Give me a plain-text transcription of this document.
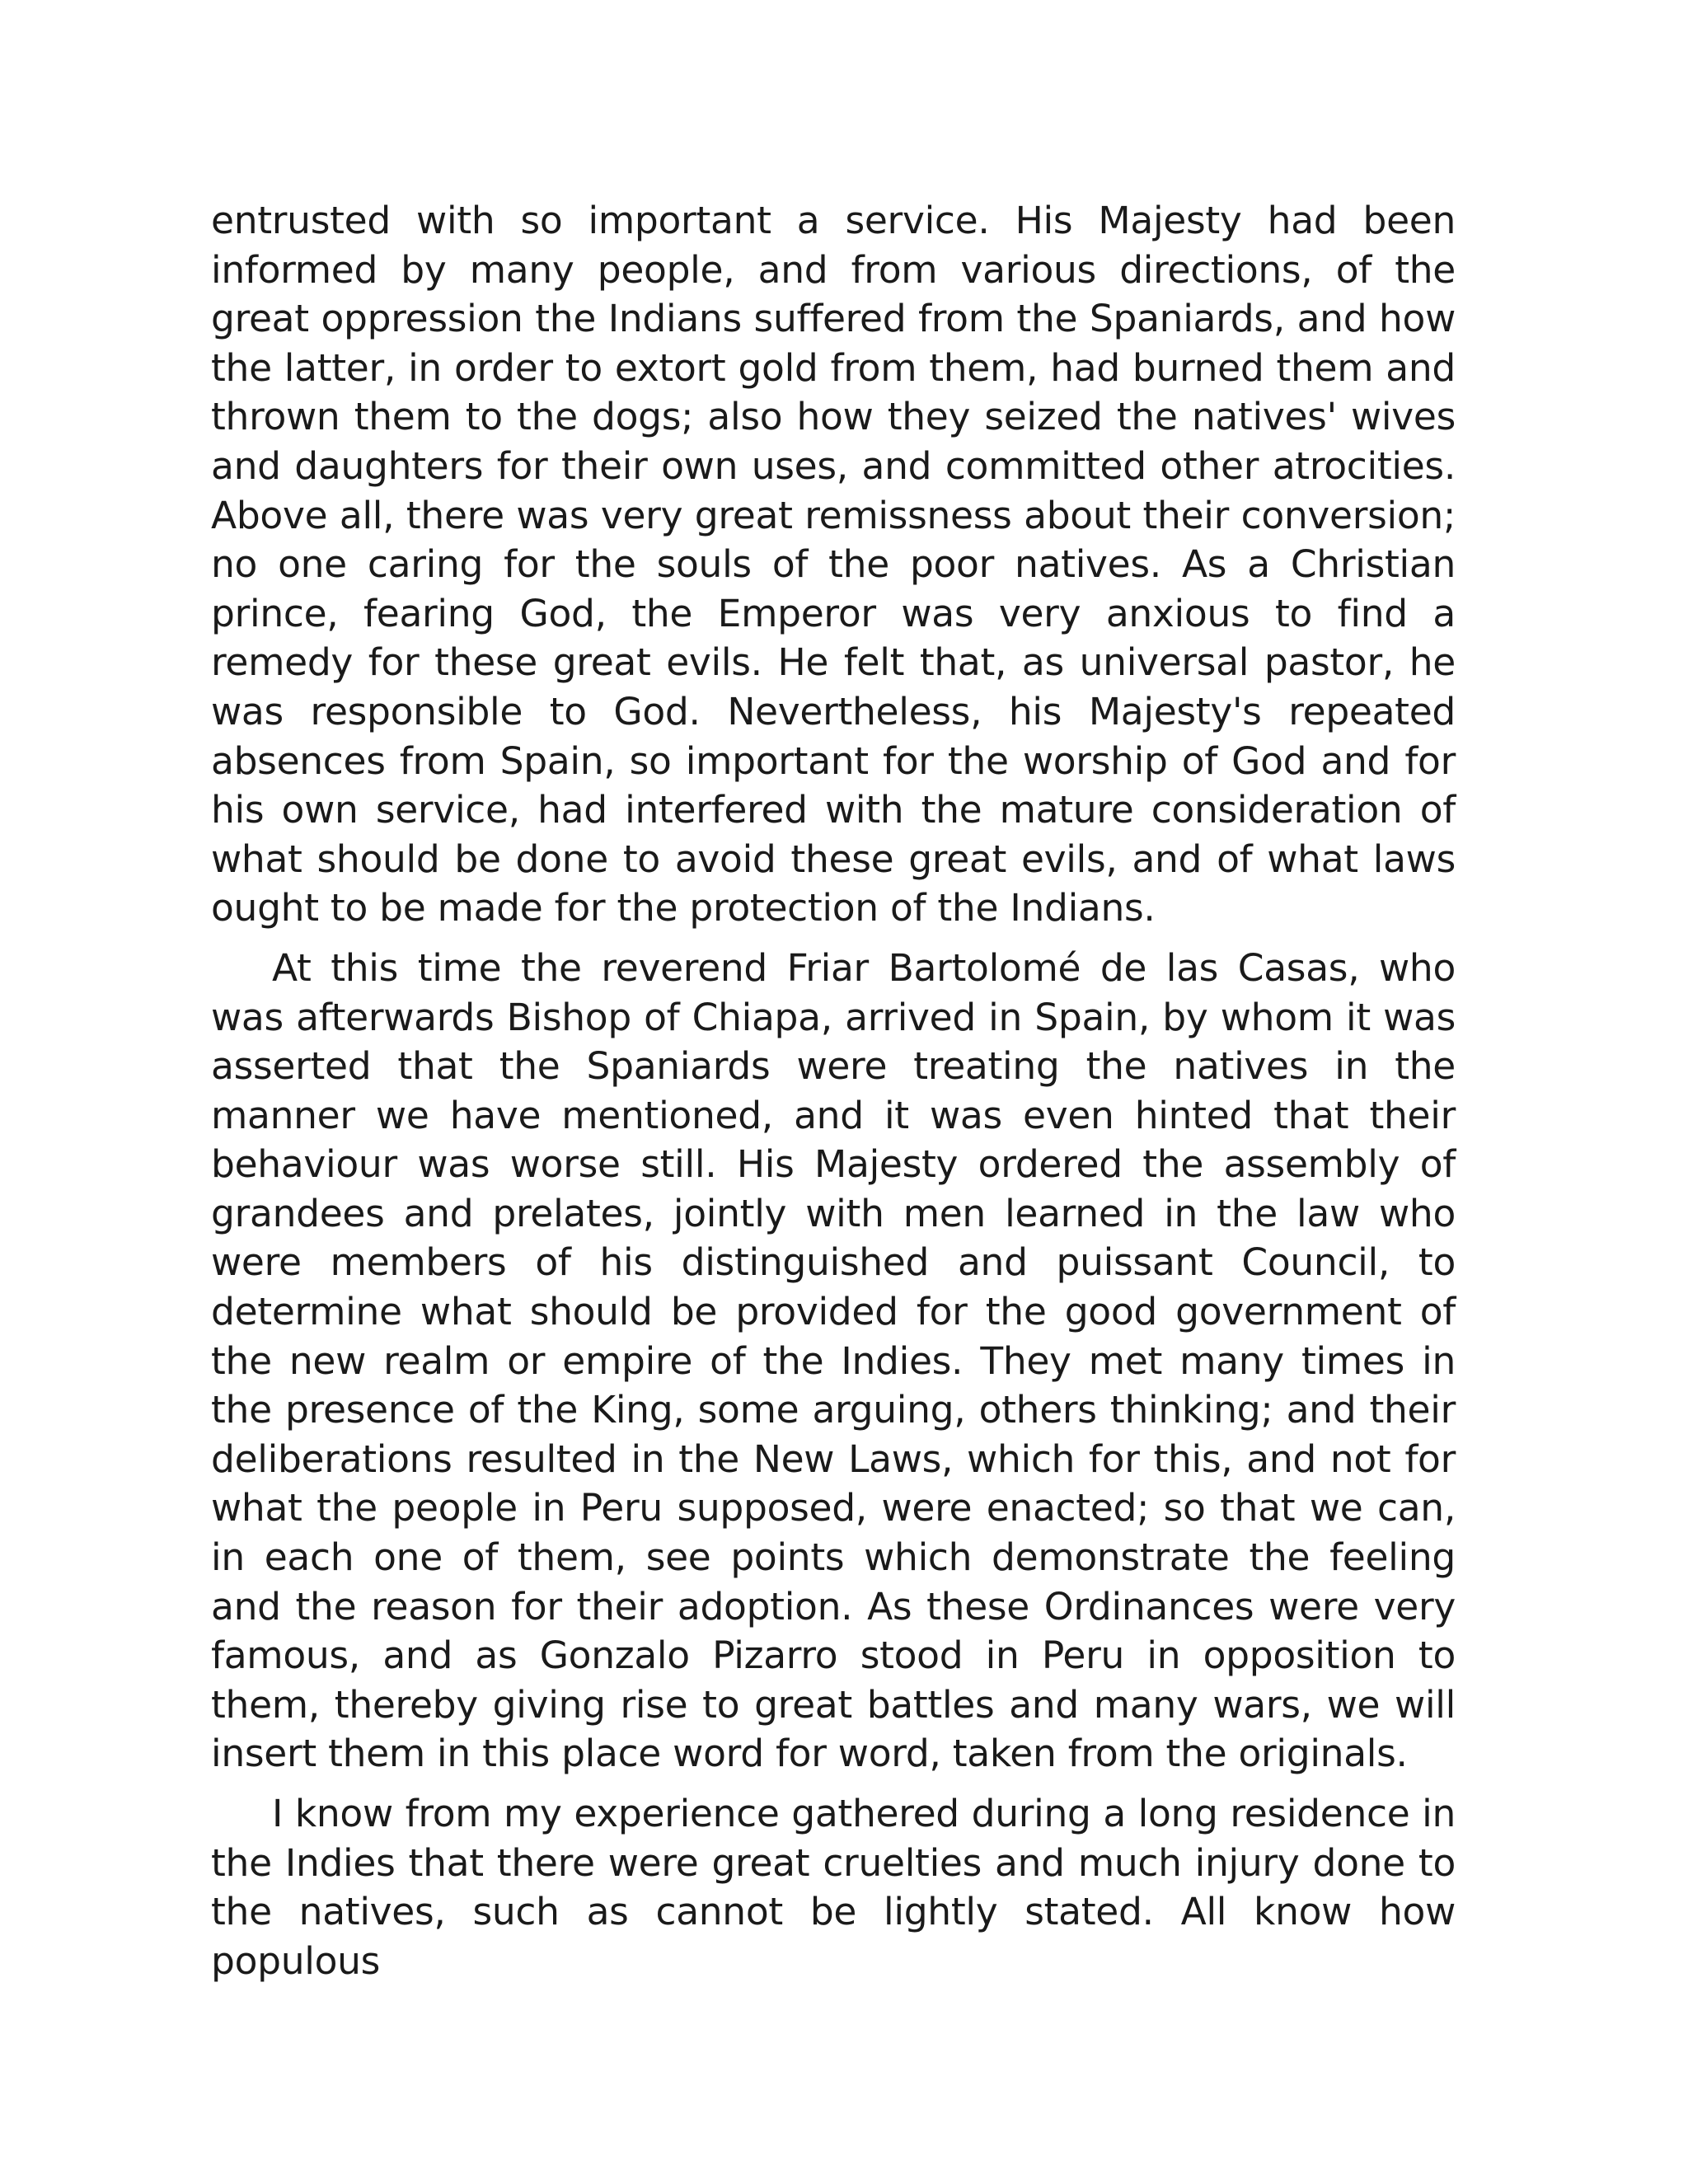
entrusted with so important a service. His Majesty had been informed by many people, and from various directions, of the great oppression the Indians suffered from the Spaniards, and how the latter, in order to extort gold from them, had burned them and thrown them to the dogs; also how they seized the natives' wives and daughters for their own uses, and committed other atrocities. Above all, there was very great remissness about their conversion; no one caring for the souls of the poor natives. As a Christian prince, fearing God, the Emperor was very anxious to find a remedy for these great evils. He felt that, as universal pastor, he was responsible to God. Nevertheless, his Majesty's repeated absences from Spain, so important for the worship of God and for his own service, had interfered with the mature consideration of what should be done to avoid these great evils, and of what laws ought to be made for the protection of the Indians.

At this time the reverend Friar Bartolomé de las Casas, who was afterwards Bishop of Chiapa, arrived in Spain, by whom it was asserted that the Spaniards were treating the natives in the manner we have mentioned, and it was even hinted that their behaviour was worse still. His Majesty ordered the assembly of grandees and prelates, jointly with men learned in the law who were members of his distinguished and puissant Council, to determine what should be provided for the good government of the new realm or empire of the Indies. They met many times in the presence of the King, some arguing, others thinking; and their deliberations resulted in the New Laws, which for this, and not for what the people in Peru supposed, were enacted; so that we can, in each one of them, see points which demonstrate the feeling and the reason for their adoption. As these Ordinances were very famous, and as Gonzalo Pizarro stood in Peru in opposition to them, thereby giving rise to great battles and many wars, we will insert them in this place word for word, taken from the originals.

I know from my experience gathered during a long residence in the Indies that there were great cruelties and much injury done to the natives, such as cannot be lightly stated. All know how populous
